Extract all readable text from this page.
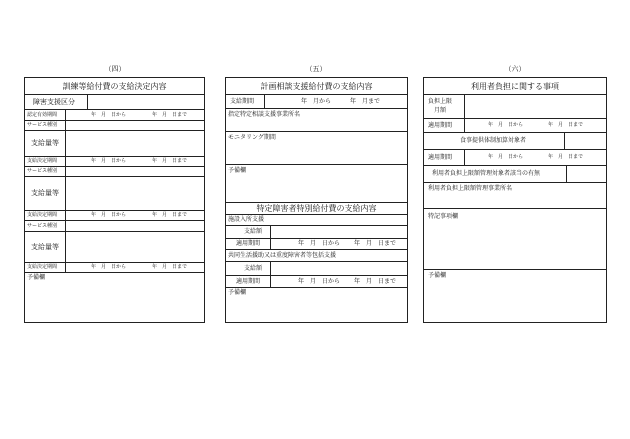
（四）	（五）	（六）
訓練等給付費の支給決定内容
障害支援区分
認定有効期間	年　月　日から	年　月　日まで
サービス種別
支給量等
支給決定期間	年　月　日から	年　月　日まで
サービス種別
支給量等
支給決定期間	年　月　日から	年　月　日まで
サービス種別
支給量等
支給決定期間	年　月　日から	年　月　日まで
予備欄
計画相談支援給付費の支給内容
支給期間	年　月から	年　月まで
指定特定相談支援事業所名
モニタリング期間
予備欄
特定障害者特別給付費の支給内容
施設入所支援
支給額
適用期間	年　月　日から 年　月　日まで
共同生活援助又は重度障害者等包括支援
支給額
適用期間	年　月　日から 年　月　日まで
予備欄
利用者負担に関する事項
負担上限
月額
適用期間	年　月　日から	年　月　日まで
食事提供体制加算対象者
適用期間	年　月　日から	年　月　日まで
利用者負担上限額管理対象者該当の有無
利用者負担上限額管理事業所名
特記事項欄
予備欄
